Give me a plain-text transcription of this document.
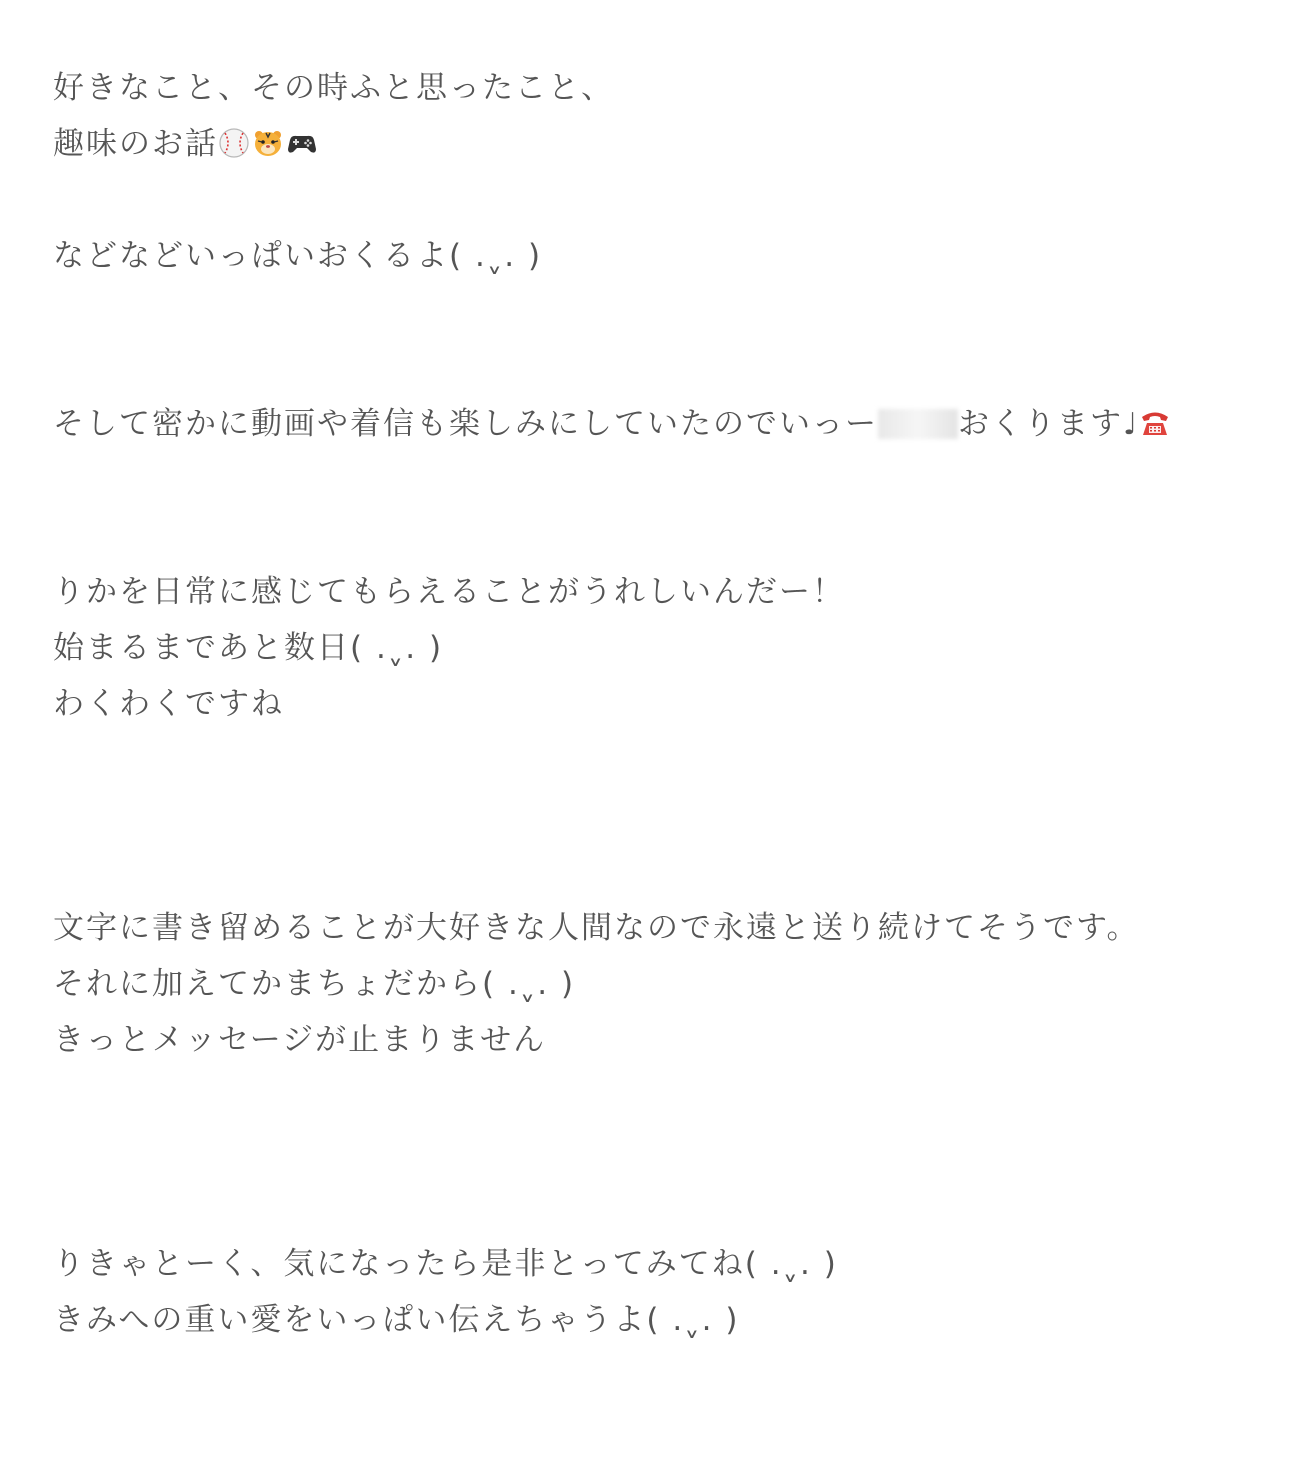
好きなこと、その時ふと思ったこと、
趣味のお話
などなどいっぱいおくるよ( .ˬ. )
そして密かに動画や着信も楽しみにしていたのでいっー	おくります♩
りかを日常に感じてもらえることがうれしいんだー！
始まるまであと数日( .ˬ. )
わくわくですね
文字に書き留めることが大好きな人間なので永遠と送り続けてそうです。
それに加えてかまちょだから( .ˬ. )
きっとメッセージが止まりません
りきゃとーく、気になったら是非とってみてね( .ˬ. )
きみへの重い愛をいっぱい伝えちゃうよ( .ˬ. )
